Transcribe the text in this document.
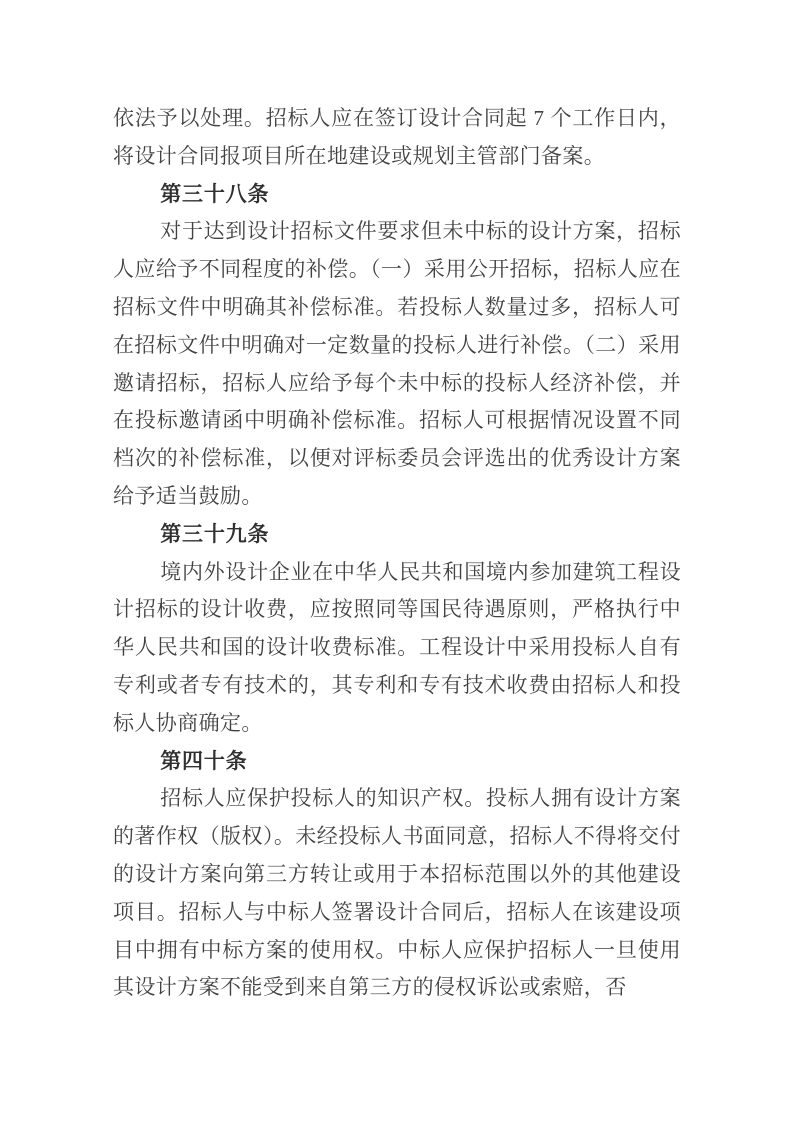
依法予以处理。招标人应在签订设计合同起 7 个工作日内，将设计合同报项目所在地建设或规划主管部门备案。

第三十八条

对于达到设计招标文件要求但未中标的设计方案，招标人应给予不同程度的补偿。（一）采用公开招标，招标人应在招标文件中明确其补偿标准。若投标人数量过多，招标人可在招标文件中明确对一定数量的投标人进行补偿。（二）采用邀请招标，招标人应给予每个未中标的投标人经济补偿，并在投标邀请函中明确补偿标准。招标人可根据情况设置不同档次的补偿标准，以便对评标委员会评选出的优秀设计方案给予适当鼓励。

第三十九条

境内外设计企业在中华人民共和国境内参加建筑工程设计招标的设计收费，应按照同等国民待遇原则，严格执行中华人民共和国的设计收费标准。工程设计中采用投标人自有专利或者专有技术的，其专利和专有技术收费由招标人和投标人协商确定。

第四十条

招标人应保护投标人的知识产权。投标人拥有设计方案的著作权（版权）。未经投标人书面同意，招标人不得将交付的设计方案向第三方转让或用于本招标范围以外的其他建设项目。招标人与中标人签署设计合同后，招标人在该建设项目中拥有中标方案的使用权。中标人应保护招标人一旦使用其设计方案不能受到来自第三方的侵权诉讼或索赔，否
